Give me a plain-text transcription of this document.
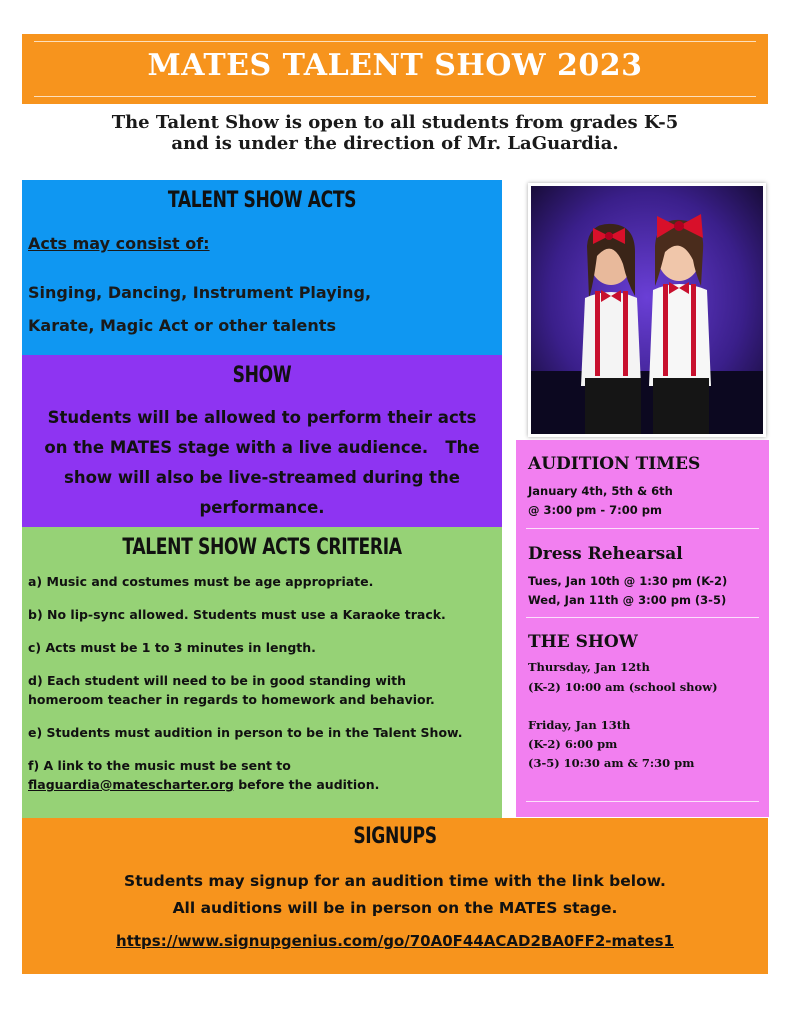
MATES TALENT SHOW 2023
The Talent Show is open to all students from grades K-5
and is under the direction of Mr. LaGuardia.
TALENT SHOW ACTS
Acts may consist of:
Singing, Dancing, Instrument Playing,
Karate, Magic Act or other talents
SHOW
Students will be allowed to perform their acts
on the MATES stage with a live audience.   The
show will also be live-streamed during the
performance.
TALENT SHOW ACTS CRITERIA
a) Music and costumes must be age appropriate.
b) No lip-sync allowed. Students must use a Karaoke track.
c) Acts must be 1 to 3 minutes in length.
d) Each student will need to be in good standing with
homeroom teacher in regards to homework and behavior.
e) Students must audition in person to be in the Talent Show.
f) A link to the music must be sent to
flaguardia@matescharter.org before the audition.
AUDITION TIMES
January 4th, 5th & 6th
@ 3:00 pm - 7:00 pm
Dress Rehearsal
Tues, Jan 10th @ 1:30 pm (K-2)
Wed, Jan 11th @ 3:00 pm (3-5)
THE SHOW
Thursday, Jan 12th
(K-2) 10:00 am (school show)
Friday, Jan 13th
(K-2) 6:00 pm
(3-5) 10:30 am & 7:30 pm
SIGNUPS
Students may signup for an audition time with the link below.
All auditions will be in person on the MATES stage.
https://www.signupgenius.com/go/70A0F44ACAD2BA0FF2-mates1
